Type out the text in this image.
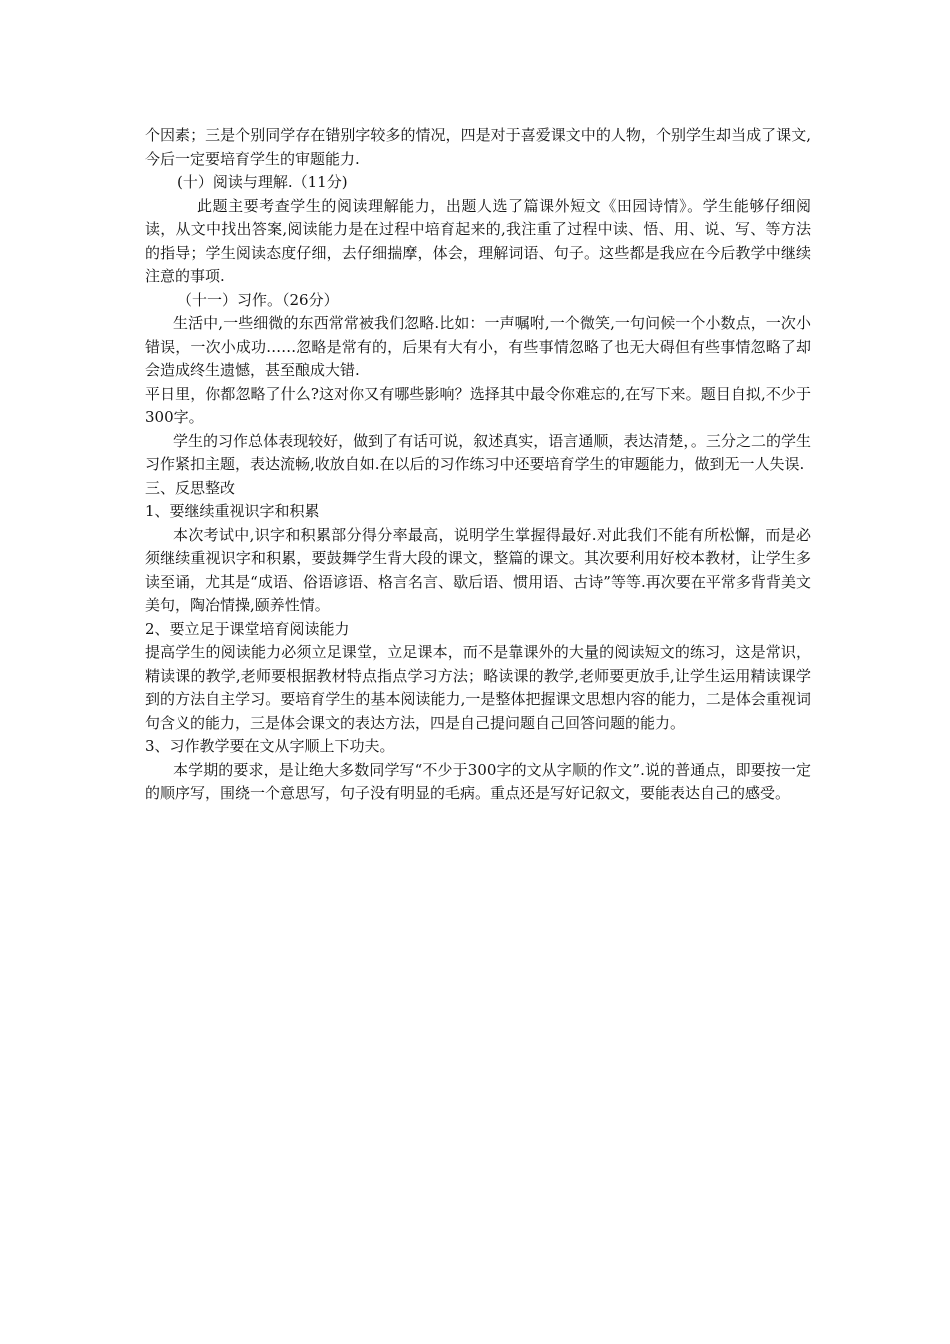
个因素；三是个别同学存在错别字较多的情况，四是对于喜爱课文中的人物，个别学生却当成了课文,今后一定要培育学生的审题能力.

(十）阅读与理解.（11分)

此题主要考查学生的阅读理解能力，出题人选了篇课外短文《田园诗情》。学生能够仔细阅读，从文中找出答案,阅读能力是在过程中培育起来的,我注重了过程中读、悟、用、说、写、等方法的指导；学生阅读态度仔细，去仔细揣摩，体会，理解词语、句子。这些都是我应在今后教学中继续注意的事项.

（十一）习作。（26分）

生活中,一些细微的东西常常被我们忽略.比如：一声嘱咐,一个微笑,一句问候一个小数点，一次小错误，一次小成功……忽略是常有的，后果有大有小，有些事情忽略了也无大碍但有些事情忽略了却会造成终生遗憾，甚至酿成大错.

平日里，你都忽略了什么?这对你又有哪些影响？选择其中最令你难忘的,在写下来。题目自拟,不少于300字。

学生的习作总体表现较好，做到了有话可说，叙述真实，语言通顺，表达清楚，。三分之二的学生习作紧扣主题，表达流畅,收放自如.在以后的习作练习中还要培育学生的审题能力，做到无一人失误.

三、反思整改

1、要继续重视识字和积累

本次考试中,识字和积累部分得分率最高，说明学生掌握得最好.对此我们不能有所松懈，而是必须继续重视识字和积累，要鼓舞学生背大段的课文，整篇的课文。其次要利用好校本教材，让学生多读至诵，尤其是“成语、俗语谚语、格言名言、歇后语、惯用语、古诗”等等.再次要在平常多背背美文美句，陶冶情操,颐养性情。

2、要立足于课堂培育阅读能力

提高学生的阅读能力必须立足课堂，立足课本，而不是靠课外的大量的阅读短文的练习，这是常识，精读课的教学,老师要根据教材特点指点学习方法；略读课的教学,老师要更放手,让学生运用精读课学到的方法自主学习。要培育学生的基本阅读能力,一是整体把握课文思想内容的能力，二是体会重视词句含义的能力，三是体会课文的表达方法，四是自己提问题自己回答问题的能力。

3、习作教学要在文从字顺上下功夫。

本学期的要求，是让绝大多数同学写“不少于300字的文从字顺的作文”.说的普通点，即要按一定的顺序写，围绕一个意思写，句子没有明显的毛病。重点还是写好记叙文，要能表达自己的感受。
